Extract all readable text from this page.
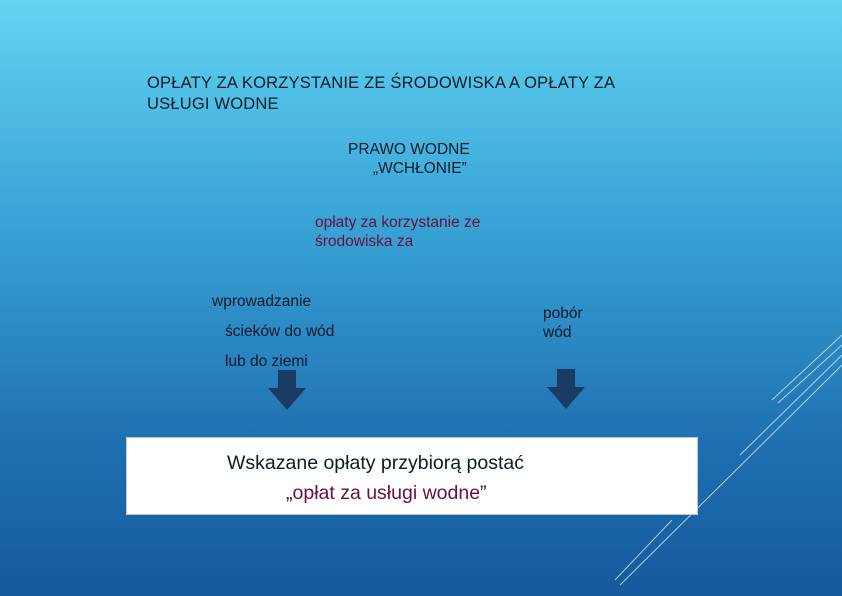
OPŁATY ZA KORZYSTANIE ZE ŚRODOWISKA A OPŁATY ZA
USŁUGI WODNE
PRAWO WODNE
„WCHŁONIE”
opłaty za korzystanie ze
środowiska za
wprowadzanie
ścieków do wód
lub do ziemi
pobór
wód
Wskazane opłaty przybiorą postać
„opłat za usługi wodne”
